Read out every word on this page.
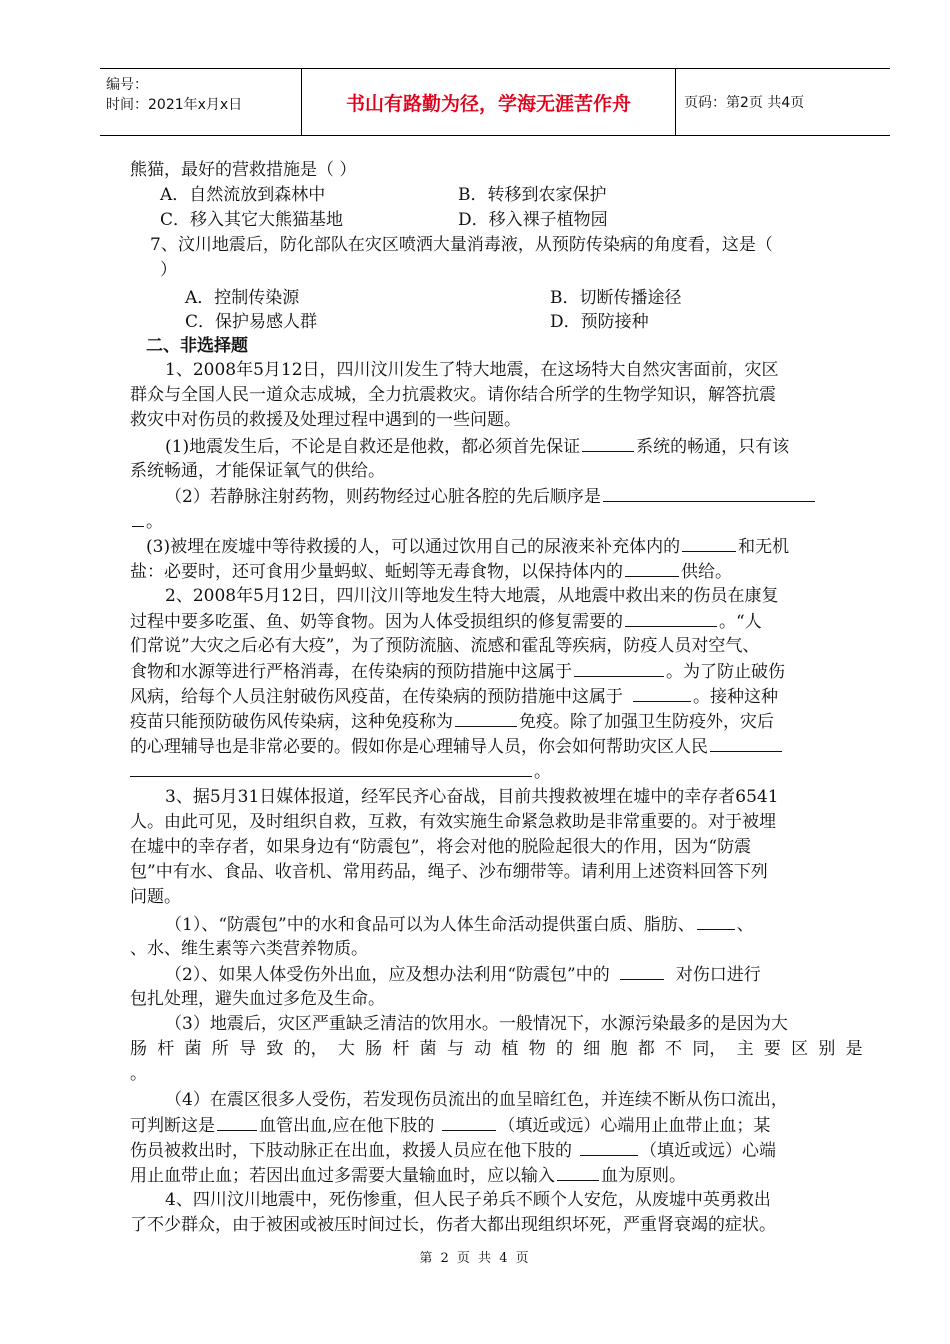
编号：
时间：2021年x月x日	书山有路勤为径，学海无涯苦作舟	页码：第2页 共4页
熊猫，最好的营救措施是（ ）
A．自然流放到森林中	B．转移到农家保护
C．移入其它大熊猫基地	D．移入裸子植物园
7、汶川地震后，防化部队在灾区喷洒大量消毒液，从预防传染病的角度看，这是（
）
A．控制传染源	B．切断传播途径
C．保护易感人群	D．预防接种
二、非选择题
1、2008年5月12日，四川汶川发生了特大地震，在这场特大自然灾害面前，灾区
群众与全国人民一道众志成城，全力抗震救灾。请你结合所学的生物学知识，解答抗震
救灾中对伤员的救援及处理过程中遇到的一些问题。
(1)地震发生后，不论是自救还是他救，都必须首先保证	系统的畅通，只有该
系统畅通，才能保证氧气的供给。
（2）若静脉注射药物，则药物经过心脏各腔的先后顺序是
。
(3)被埋在废墟中等待救援的人，可以通过饮用自己的尿液来补充体内的	和无机
盐：必要时，还可食用少量蚂蚁、蚯蚓等无毒食物，以保持体内的	供给。
2、2008年5月12日，四川汶川等地发生特大地震，从地震中救出来的伤员在康复
过程中要多吃蛋、鱼、奶等食物。因为人体受损组织的修复需要的	。“人
们常说”大灾之后必有大疫”，为了预防流脑、流感和霍乱等疾病，防疫人员对空气、
食物和水源等进行严格消毒，在传染病的预防措施中这属于	。为了防止破伤
风病，给每个人员注射破伤风疫苗，在传染病的预防措施中这属于	。接种这种
疫苗只能预防破伤风传染病，这种免疫称为	免疫。除了加强卫生防疫外，灾后
的心理辅导也是非常必要的。假如你是心理辅导人员，你会如何帮助灾区人民
。
3、据5月31日媒体报道，经军民齐心奋战，目前共搜救被埋在墟中的幸存者6541
人。由此可见，及时组织自救，互救，有效实施生命紧急救助是非常重要的。对于被埋
在墟中的幸存者，如果身边有“防震包”，将会对他的脱险起很大的作用，因为“防震
包”中有水、食品、收音机、常用药品，绳子、沙布绷带等。请利用上述资料回答下列
问题。
（1）、“防震包”中的水和食品可以为人体生命活动提供蛋白质、脂肪、 、
、水、维生素等六类营养物质。
（2）、如果人体受伤外出血，应及想办法利用“防震包”中的	对伤口进行
包扎处理，避失血过多危及生命。
（3）地震后，灾区严重缺乏清洁的饮用水。一般情况下，水源污染最多的是因为大
肠 杆 菌 所 导 致 的， 大 肠 杆 菌 与 动 植 物 的 细 胞 都 不 同， 主 要 区 别 是
。
（4）在震区很多人受伤，若发现伤员流出的血呈暗红色，并连续不断从伤口流出，
可判断这是	血管出血,应在他下肢的	（填近或远）心端用止血带止血；某
伤员被救出时，下肢动脉正在出血，救援人员应在他下肢的	（填近或远）心端
用止血带止血；若因出血过多需要大量输血时，应以输入	血为原则。
4、四川汶川地震中，死伤惨重，但人民子弟兵不顾个人安危，从废墟中英勇救出
了不少群众，由于被困或被压时间过长，伤者大都出现组织坏死，严重肾衰竭的症状。
第 2 页 共 4 页
